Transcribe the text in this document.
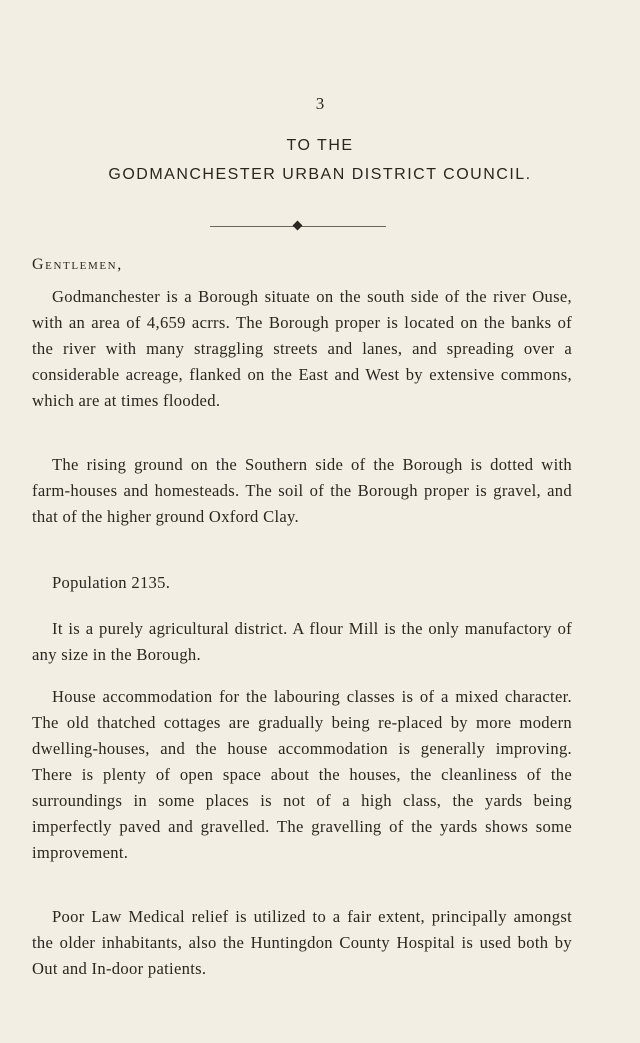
3
TO THE
GODMANCHESTER URBAN DISTRICT COUNCIL.
Gentlemen,

Godmanchester is a Borough situate on the south side of the river Ouse, with an area of 4,659 acrrs. The Borough proper is located on the banks of the river with many straggling streets and lanes, and spreading over a considerable acreage, flanked on the East and West by extensive commons, which are at times flooded.

The rising ground on the Southern side of the Borough is dotted with farm-houses and homesteads. The soil of the Borough proper is gravel, and that of the higher ground Oxford Clay.

Population 2135.

It is a purely agricultural district. A flour Mill is the only manufactory of any size in the Borough.

House accommodation for the labouring classes is of a mixed character. The old thatched cottages are gradually being re-placed by more modern dwelling-houses, and the house accommodation is generally improving. There is plenty of open space about the houses, the cleanliness of the surroundings in some places is not of a high class, the yards being imperfectly paved and gravelled. The gravelling of the yards shows some improvement.

Poor Law Medical relief is utilized to a fair extent, principally amongst the older inhabitants, also the Huntingdon County Hospital is used both by Out and In-door patients.
